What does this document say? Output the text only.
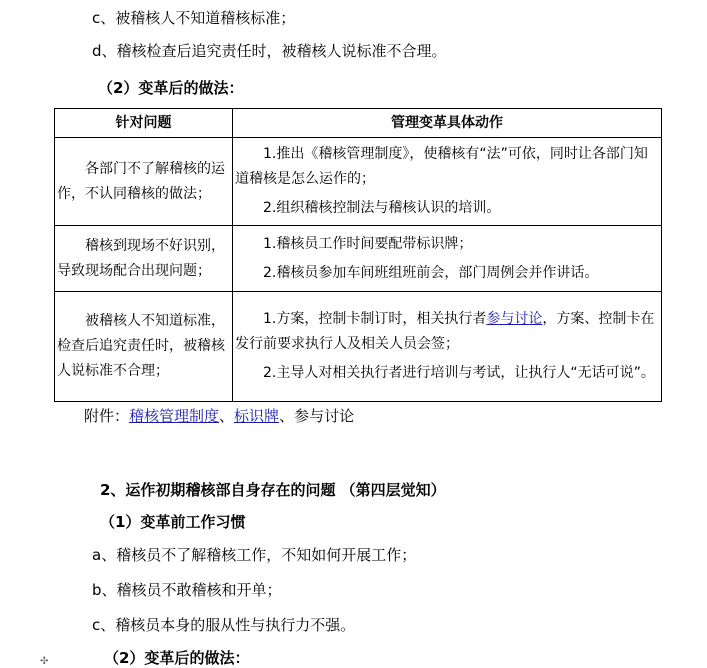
c、被稽核人不知道稽核标准；
d、稽核检查后追究责任时，被稽核人说标准不合理。
（2）变革后的做法：
针对问题	管理变革具体动作

各部门不了解稽核的运作，不认同稽核的做法；	1.推出《稽核管理制度》，使稽核有“法”可依，同时让各部门知道稽核是怎么运作的；

2.组织稽核控制法与稽核认识的培训。

稽核到现场不好识别，导致现场配合出现问题；	1.稽核员工作时间要配带标识牌；

2.稽核员参加车间班组班前会，部门周例会并作讲话。

被稽核人不知道标准，检查后追究责任时，被稽核人说标准不合理；	1.方案，控制卡制订时，相关执行者参与讨论，方案、控制卡在发行前要求执行人及相关人员会签；

2.主导人对相关执行者进行培训与考试，让执行人“无话可说”。

附件：稽核管理制度、标识牌、参与讨论
2、运作初期稽核部自身存在的问题 （第四层觉知）
（1）变革前工作习惯
a、稽核员不了解稽核工作，不知如何开展工作；
b、稽核员不敢稽核和开单；
c、稽核员本身的服从性与执行力不强。
（2）变革后的做法：
✣
